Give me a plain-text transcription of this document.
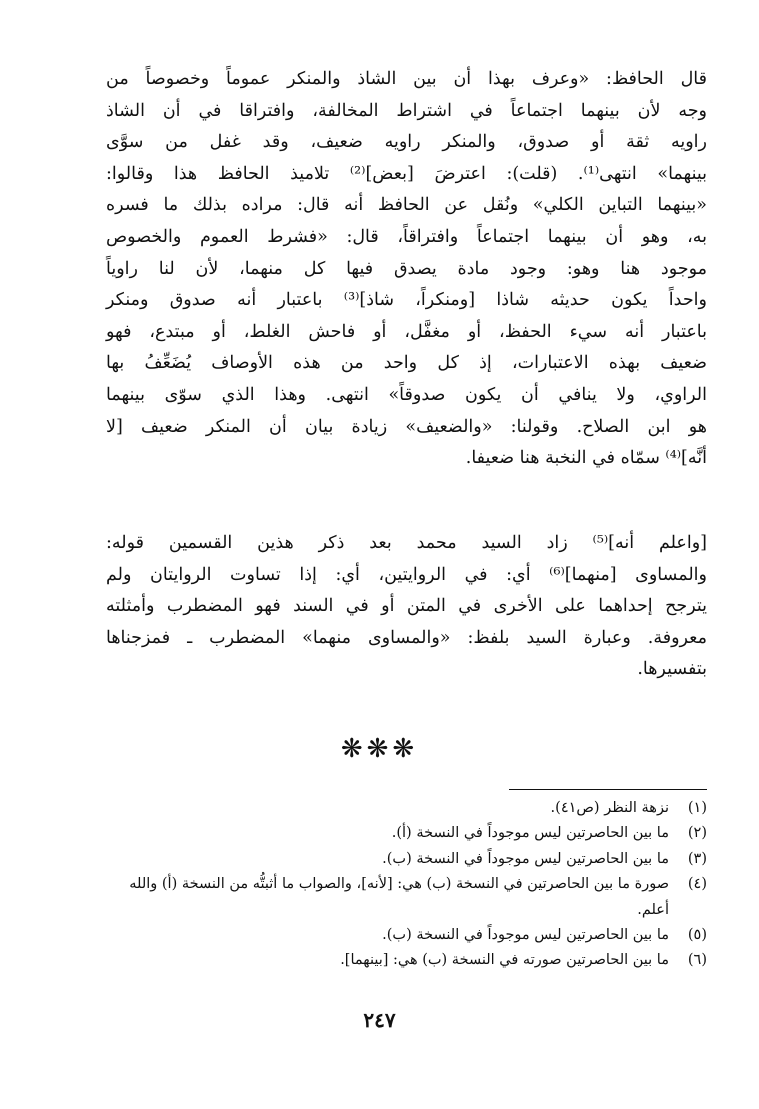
قال الحافظ: «وعرف بهذا أن بين الشاذ والمنكر عموماً وخصوصاً من
وجه لأن بينهما اجتماعاً في اشتراط المخالفة، وافتراقا في أن الشاذ
راويه ثقة أو صدوق، والمنكر راويه ضعيف، وقد غفل من سوَّى
بينهما» انتهى⁽¹⁾. (قلت): اعترضَ [بعض]⁽²⁾ تلاميذ الحافظ هذا وقالوا:
«بينهما التباين الكلي» ونُقل عن الحافظ أنه قال: مراده بذلك ما فسره
به، وهو أن بينهما اجتماعاً وافتراقاً، قال: «فشرط العموم والخصوص
موجود هنا وهو: وجود مادة يصدق فيها كل منهما، لأن لنا راوياً
واحداً يكون حديثه شاذا [ومنكراً، شاذ]⁽³⁾ باعتبار أنه صدوق ومنكر
باعتبار أنه سيء الحفظ، أو مغفَّل، أو فاحش الغلط، أو مبتدع، فهو
ضعيف بهذه الاعتبارات، إذ كل واحد من هذه الأوصاف يُضَعِّفُ بها
الراوي، ولا ينافي أن يكون صدوقاً» انتهى. وهذا الذي سوّى بينهما
هو ابن الصلاح. وقولنا: «والضعيف» زيادة بيان أن المنكر ضعيف [لا
أنَّه]⁽⁴⁾ سمّاه في النخبة هنا ضعيفا.
[واعلم أنه]⁽⁵⁾ زاد السيد محمد بعد ذكر هذين القسمين قوله:
والمساوى [منهما]⁽⁶⁾ أي: في الروايتين، أي: إذا تساوت الروايتان ولم
يترجح إحداهما على الأخرى في المتن أو في السند فهو المضطرب وأمثلته
معروفة. وعبارة السيد بلفظ: «والمساوى منهما» المضطرب ـ فمزجناها
بتفسيرها.
❋❋❋
(١)
نزهة النظر (ص٤١).
(٢)
ما بين الحاصرتين ليس موجوداً في النسخة (أ).
(٣)
ما بين الحاصرتين ليس موجوداً في النسخة (ب).
(٤)
صورة ما بين الحاصرتين في النسخة (ب) هي: [لأنه]، والصواب ما أثبتُّه من النسخة (أ) والله أعلم.
(٥)
ما بين الحاصرتين ليس موجوداً في النسخة (ب).
(٦)
ما بين الحاصرتين صورته في النسخة (ب) هي: [بينهما].
٢٤٧
